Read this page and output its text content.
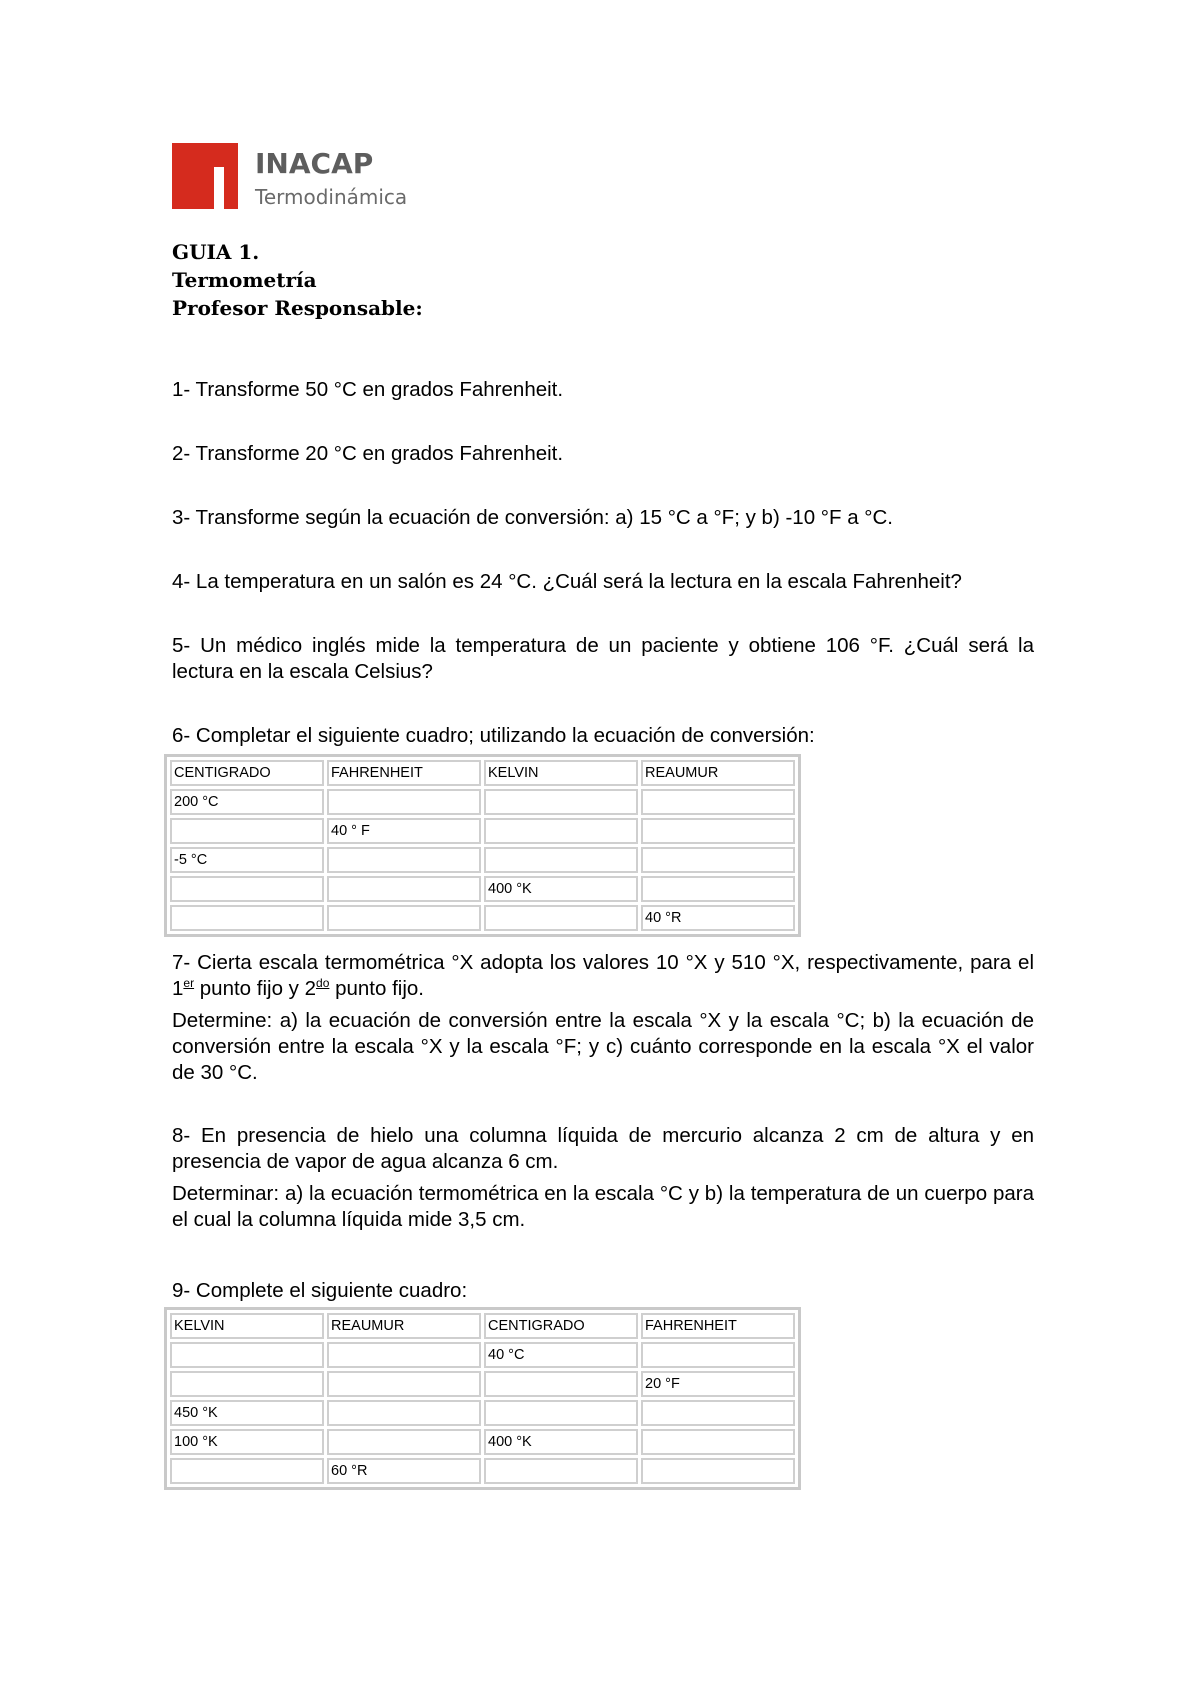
INACAP
Termodinámica
GUIA 1.
Termometría
Profesor Responsable:
1- Transforme 50 °C en grados Fahrenheit.
2- Transforme 20 °C en grados Fahrenheit.
3- Transforme según la ecuación de conversión: a) 15 °C a °F; y b) -10 °F a °C.
4- La temperatura en un salón es 24 °C. ¿Cuál será la lectura en la escala Fahrenheit?
5- Un médico inglés mide la temperatura de un paciente y obtiene 106 °F. ¿Cuál será la lectura en la escala Celsius?
6- Completar el siguiente cuadro; utilizando la ecuación de conversión:
CENTIGRADO	FAHRENHEIT	KELVIN	REAUMUR
200 °C			
	40 ° F		
-5 °C			
		400 °K	
			40 °R
7- Cierta escala termométrica °X adopta los valores 10 °X y 510 °X, respectivamente, para el 1er punto fijo y $2^{do}$ punto fijo.
Determine: a) la ecuación de conversión entre la escala °X y la escala °C; b) la ecuación de conversión entre la escala °X y la escala °F; y c) cuánto corresponde en la escala °X el valor de 30 °C.
8- En presencia de hielo una columna líquida de mercurio alcanza 2 cm de altura y en presencia de vapor de agua alcanza 6 cm.
Determinar: a) la ecuación termométrica en la escala °C y b) la temperatura de un cuerpo para el cual la columna líquida mide 3,5 cm.
9- Complete el siguiente cuadro:
KELVIN	REAUMUR	CENTIGRADO	FAHRENHEIT
		40 °C	
			20 °F
450 °K			
100 °K		400 °K	
	60 °R		
